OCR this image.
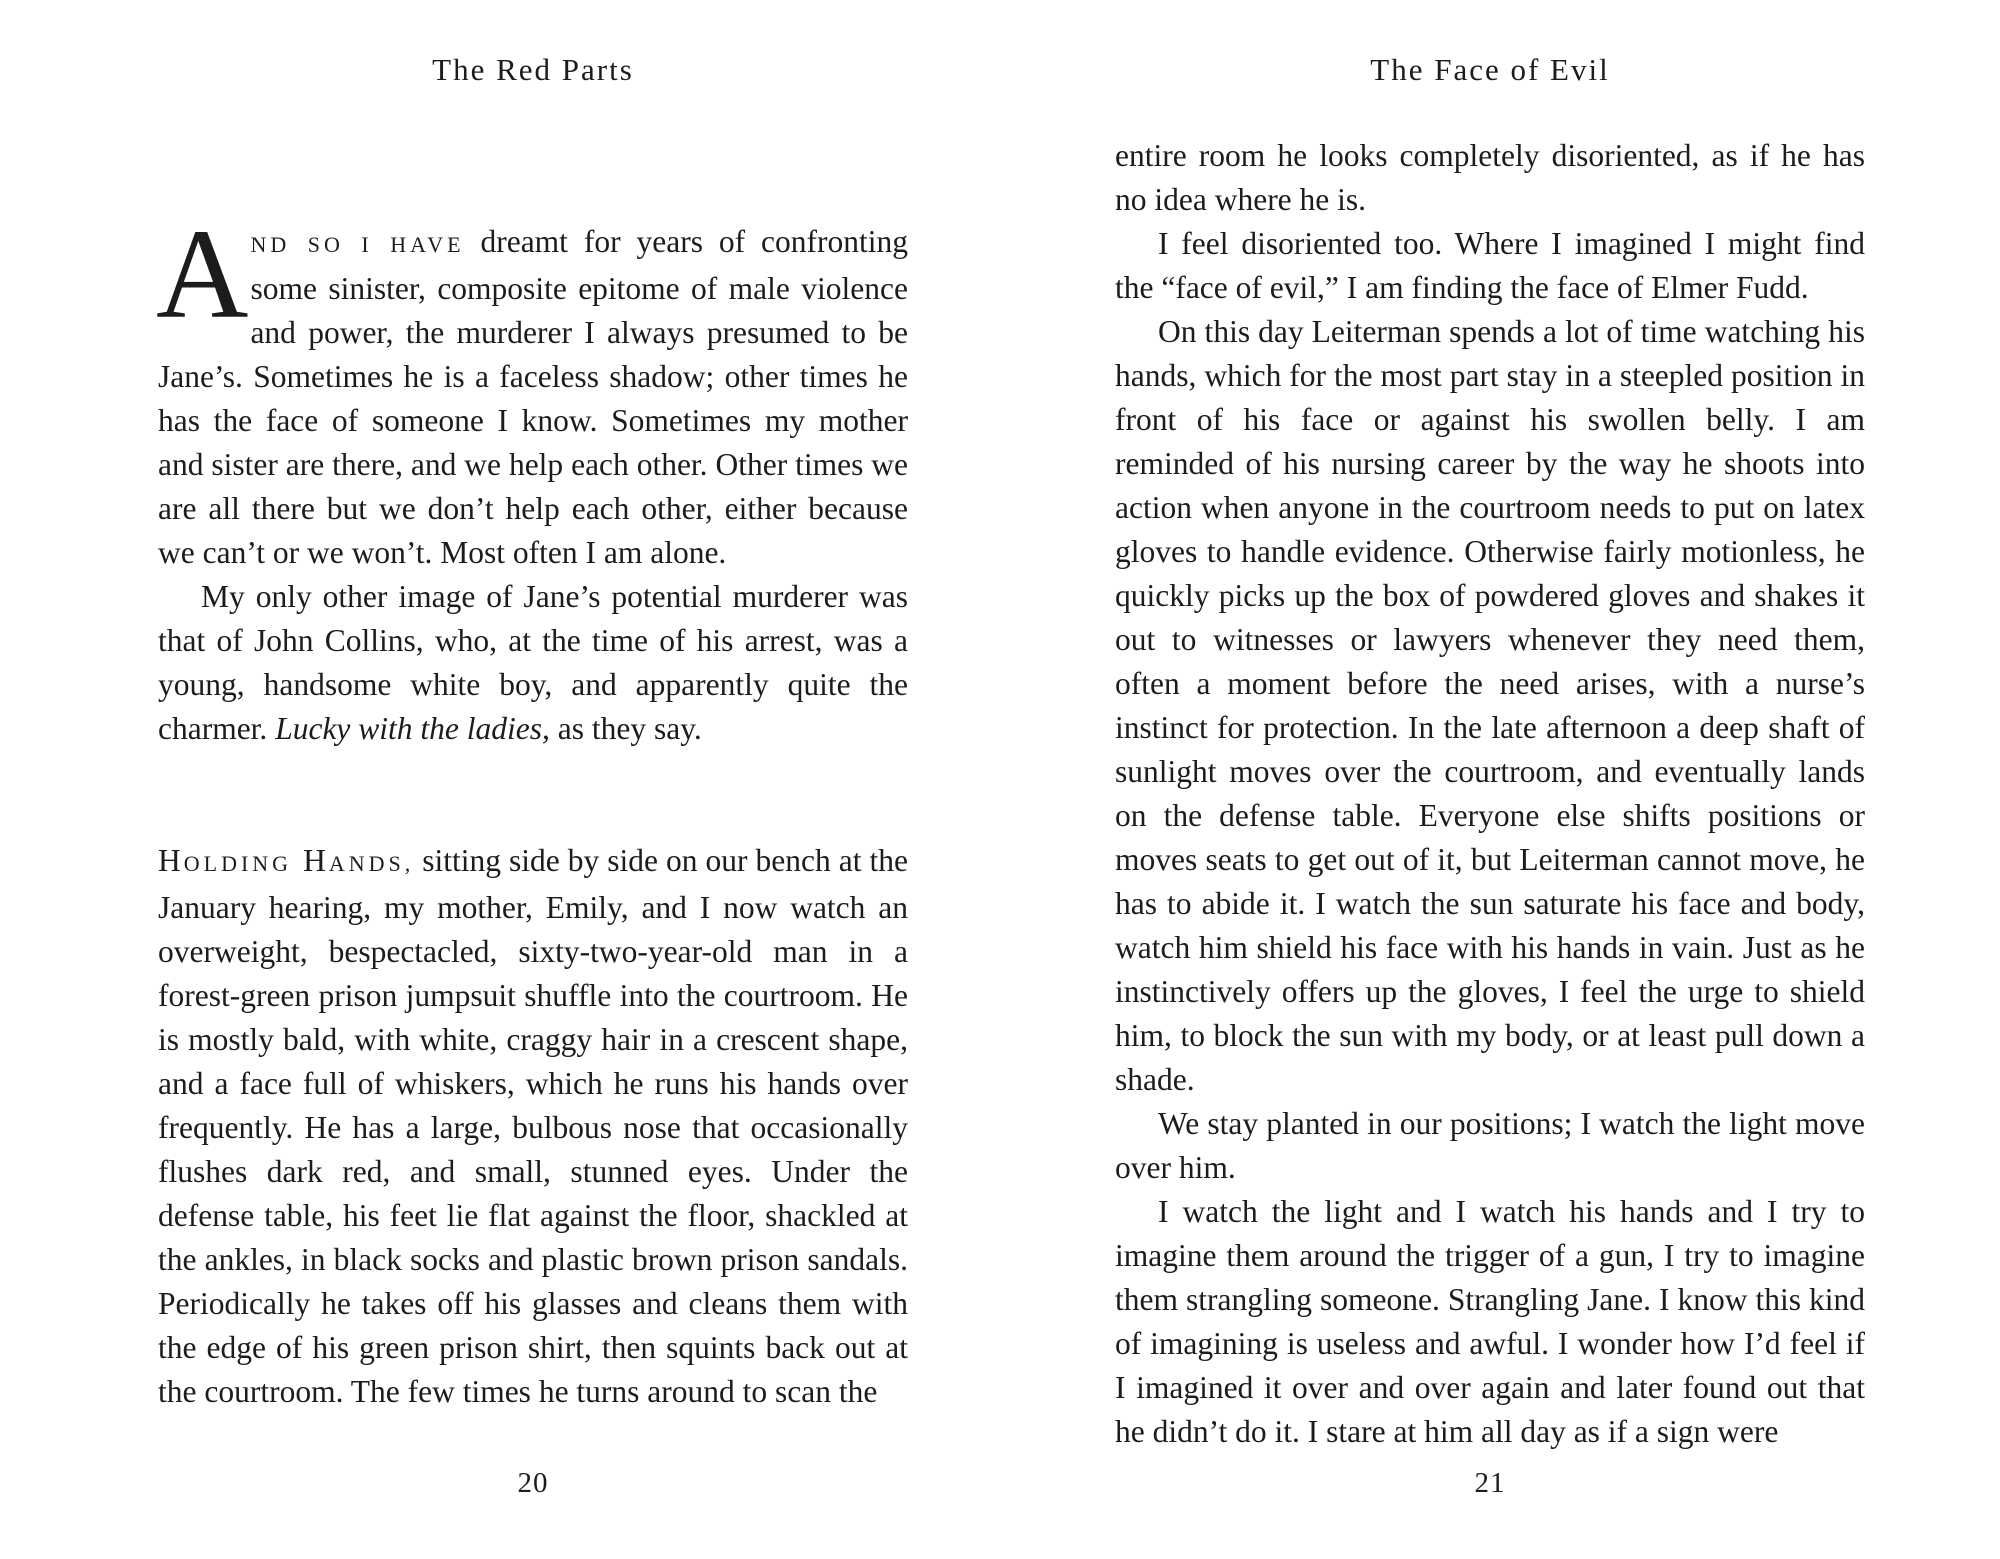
The Red Parts

AND SO I HAVE dreamt for years of confronting some sinister, composite epitome of male violence and power, the murderer I always presumed to be Jane’s. Sometimes he is a faceless shadow; other times he has the face of someone I know. Sometimes my mother and sister are there, and we help each other. Other times we are all there but we don’t help each other, either because we can’t or we won’t. Most often I am alone.

My only other image of Jane’s potential murderer was that of John Collins, who, at the time of his arrest, was a young, handsome white boy, and apparently quite the charmer. Lucky with the ladies, as they say.

HOLDING HANDS, sitting side by side on our bench at the January hearing, my mother, Emily, and I now watch an overweight, bespectacled, sixty-two-year-old man in a forest-green prison jumpsuit shuffle into the courtroom. He is mostly bald, with white, craggy hair in a crescent shape, and a face full of whiskers, which he runs his hands over frequently. He has a large, bulbous nose that occasionally flushes dark red, and small, stunned eyes. Under the defense table, his feet lie flat against the floor, shackled at the ankles, in black socks and plastic brown prison sandals. Periodically he takes off his glasses and cleans them with the edge of his green prison shirt, then squints back out at the courtroom. The few times he turns around to scan the

20
The Face of Evil

entire room he looks completely disoriented, as if he has no idea where he is.

I feel disoriented too. Where I imagined I might find the “face of evil,” I am finding the face of Elmer Fudd.

On this day Leiterman spends a lot of time watching his hands, which for the most part stay in a steepled position in front of his face or against his swollen belly. I am reminded of his nursing career by the way he shoots into action when anyone in the courtroom needs to put on latex gloves to handle evidence. Otherwise fairly motionless, he quickly picks up the box of powdered gloves and shakes it out to witnesses or lawyers whenever they need them, often a moment before the need arises, with a nurse’s instinct for protection. In the late afternoon a deep shaft of sunlight moves over the courtroom, and eventually lands on the defense table. Everyone else shifts positions or moves seats to get out of it, but Leiterman cannot move, he has to abide it. I watch the sun saturate his face and body, watch him shield his face with his hands in vain. Just as he instinctively offers up the gloves, I feel the urge to shield him, to block the sun with my body, or at least pull down a shade.

We stay planted in our positions; I watch the light move over him.

I watch the light and I watch his hands and I try to imagine them around the trigger of a gun, I try to imagine them strangling someone. Strangling Jane. I know this kind of imagining is useless and awful. I wonder how I’d feel if I imagined it over and over again and later found out that he didn’t do it. I stare at him all day as if a sign were

21
